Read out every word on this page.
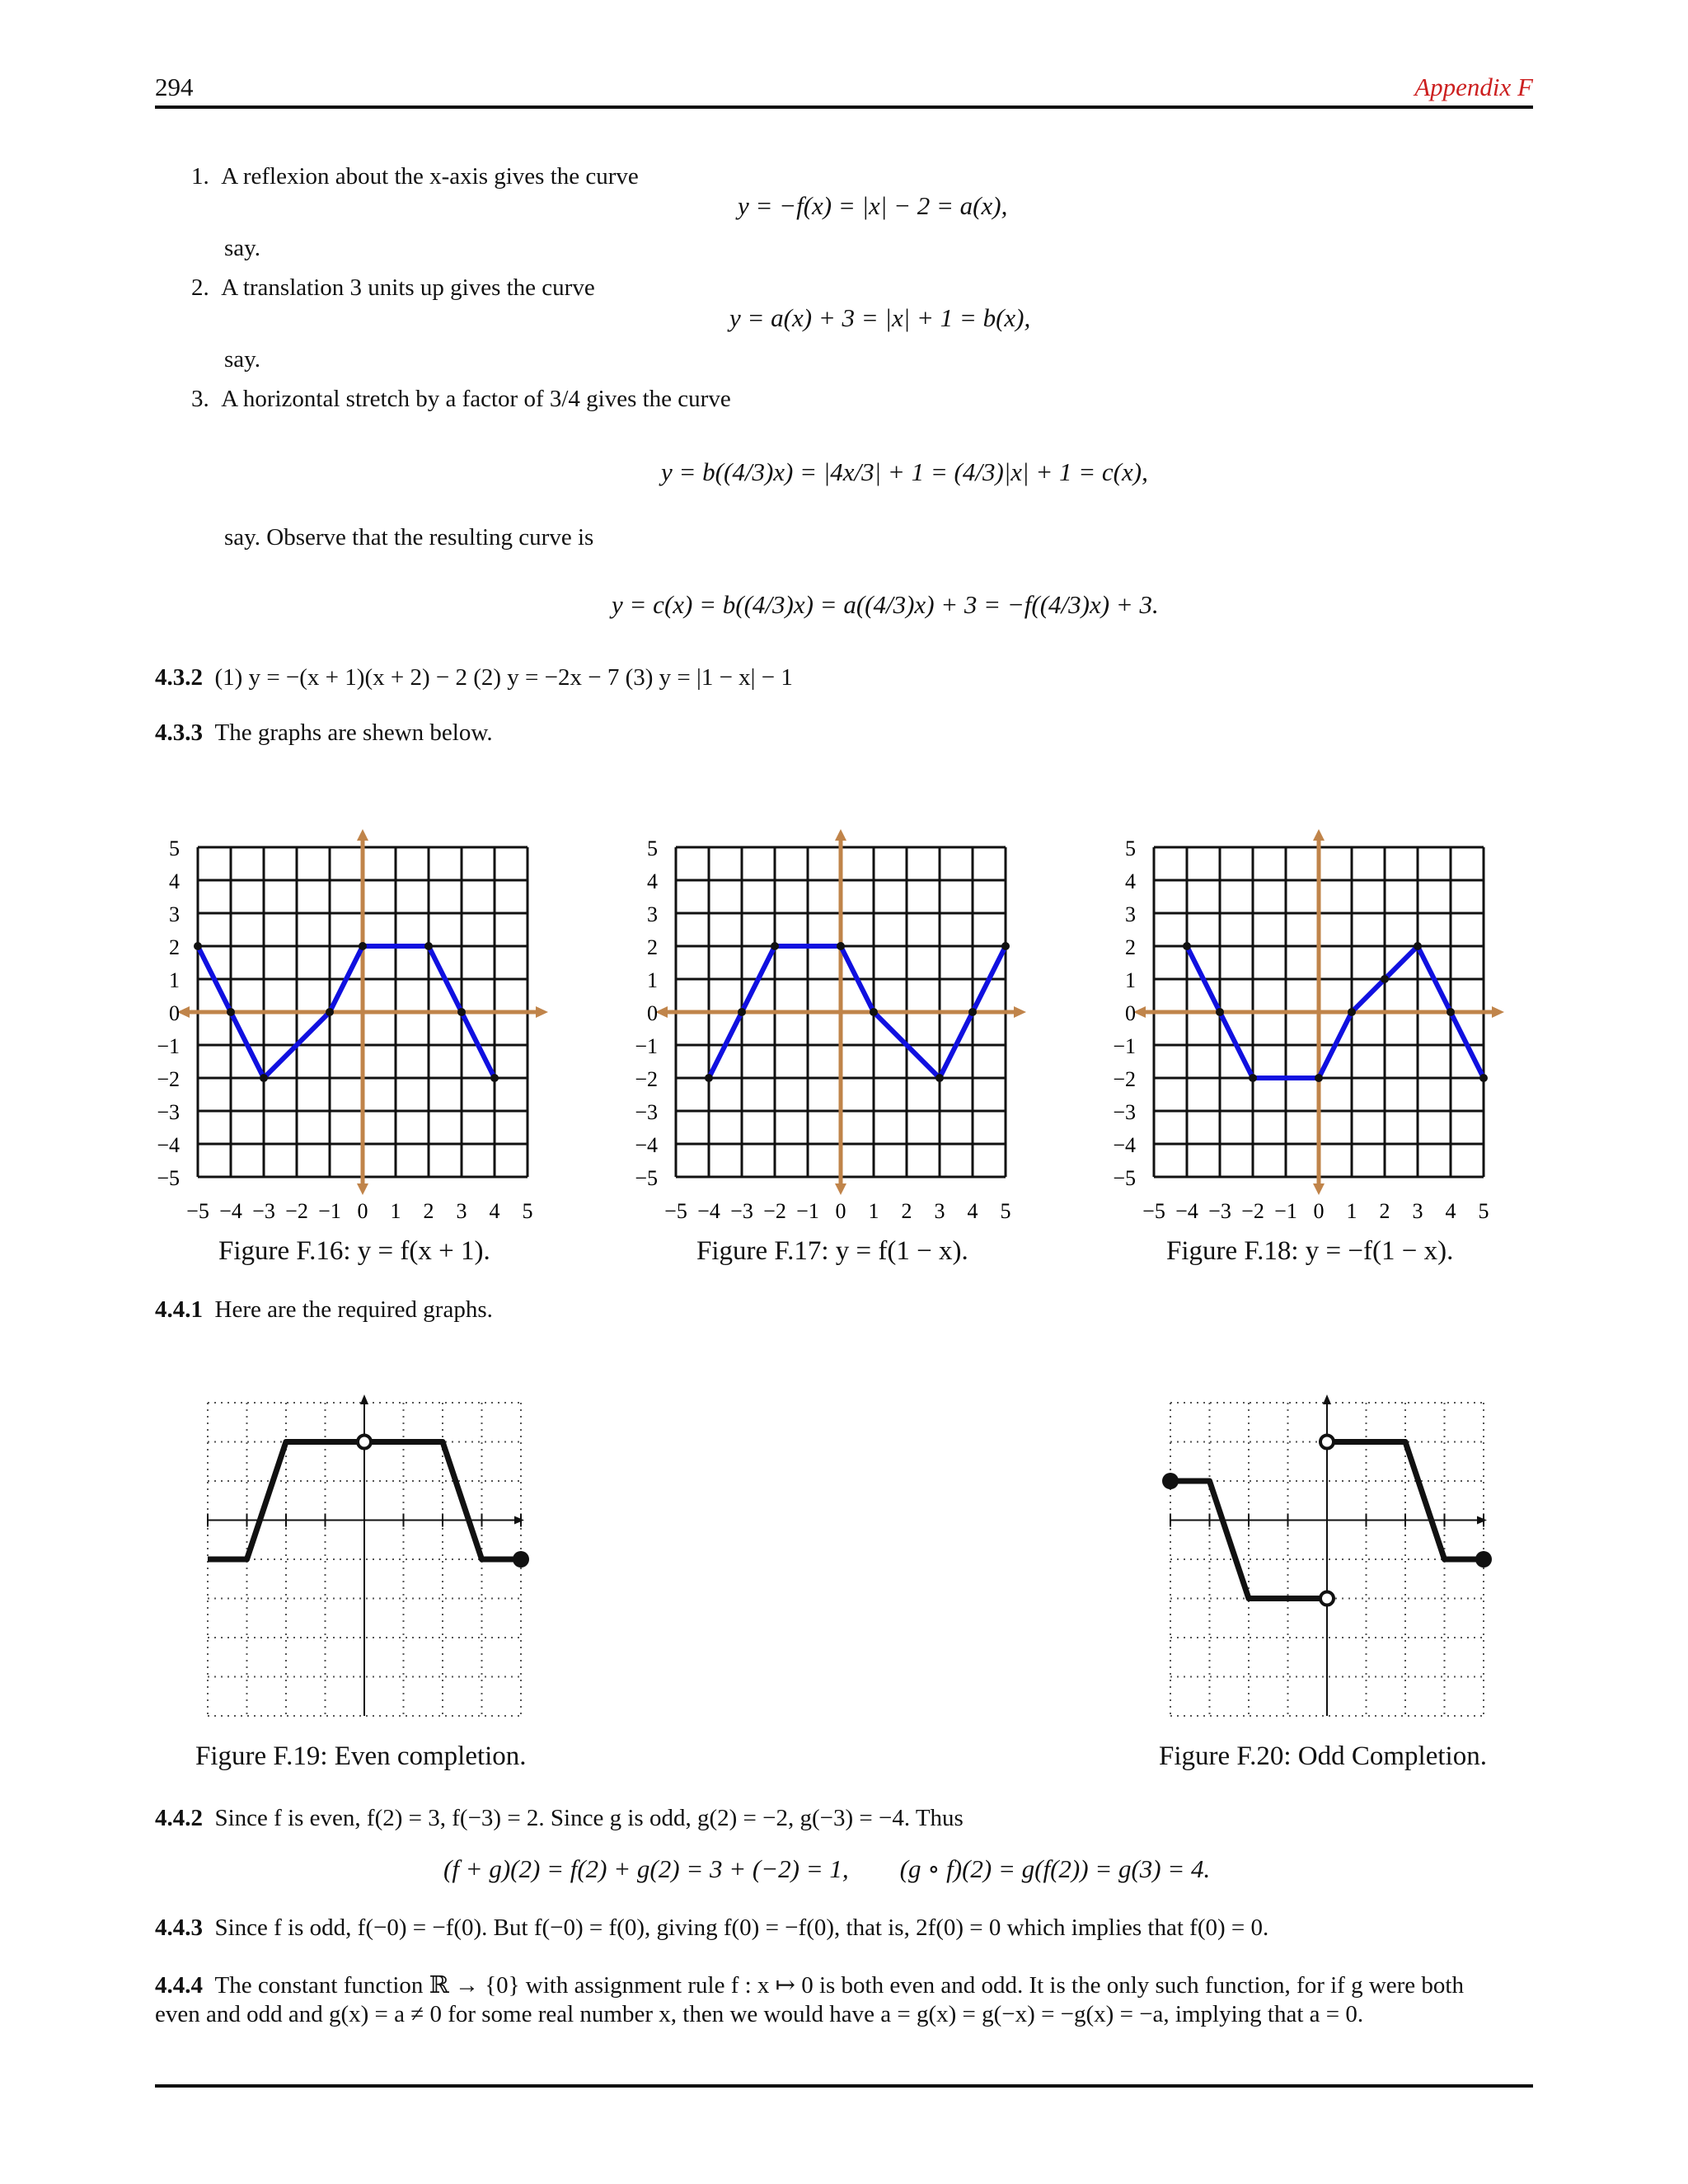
294	Appendix F
1. A reflexion about the x-axis gives the curve
y = −f(x) = |x| − 2 = a(x),
say.
2. A translation 3 units up gives the curve
y = a(x) + 3 = |x| + 1 = b(x),
say.
3. A horizontal stretch by a factor of 3/4 gives the curve
y = b((4/3)x) = |4x/3| + 1 = (4/3)|x| + 1 = c(x),
say. Observe that the resulting curve is
y = c(x) = b((4/3)x) = a((4/3)x) + 3 = −f((4/3)x) + 3.
4.3.2 (1) y = −(x + 1)(x + 2) − 2 (2) y = −2x − 7 (3) y = |1 − x| − 1
4.3.3 The graphs are shewn below.
5
4
3
2
1
0
−1
−2
−3
−4
−5
−5 −4 −3 −2 −1 0 1 2 3 4 5
Figure F.16: y = f(x + 1).
5
4
3
2
1
0
−1
−2
−3
−4
−5
−5 −4 −3 −2 −1 0 1 2 3 4 5
Figure F.17: y = f(1 − x).
5
4
3
2
1
0
−1
−2
−3
−4
−5
−5 −4 −3 −2 −1 0 1 2 3 4 5
Figure F.18: y = −f(1 − x).
4.4.1 Here are the required graphs.
Figure F.19: Even completion.	Figure F.20: Odd Completion.
4.4.2 Since f is even, f(2) = 3, f(−3) = 2. Since g is odd, g(2) = −2, g(−3) = −4. Thus
(f + g)(2) = f(2) + g(2) = 3 + (−2) = 1,        (g ∘ f)(2) = g(f(2)) = g(3) = 4.
4.4.3 Since f is odd, f(−0) = −f(0). But f(−0) = f(0), giving f(0) = −f(0), that is, 2f(0) = 0 which implies that f(0) = 0.
4.4.4 The constant function ℝ → {0} with assignment rule f : x ↦ 0 is both even and odd. It is the only such function, for if g were both
even and odd and g(x) = a ≠ 0 for some real number x, then we would have a = g(x) = g(−x) = −g(x) = −a, implying that a = 0.
